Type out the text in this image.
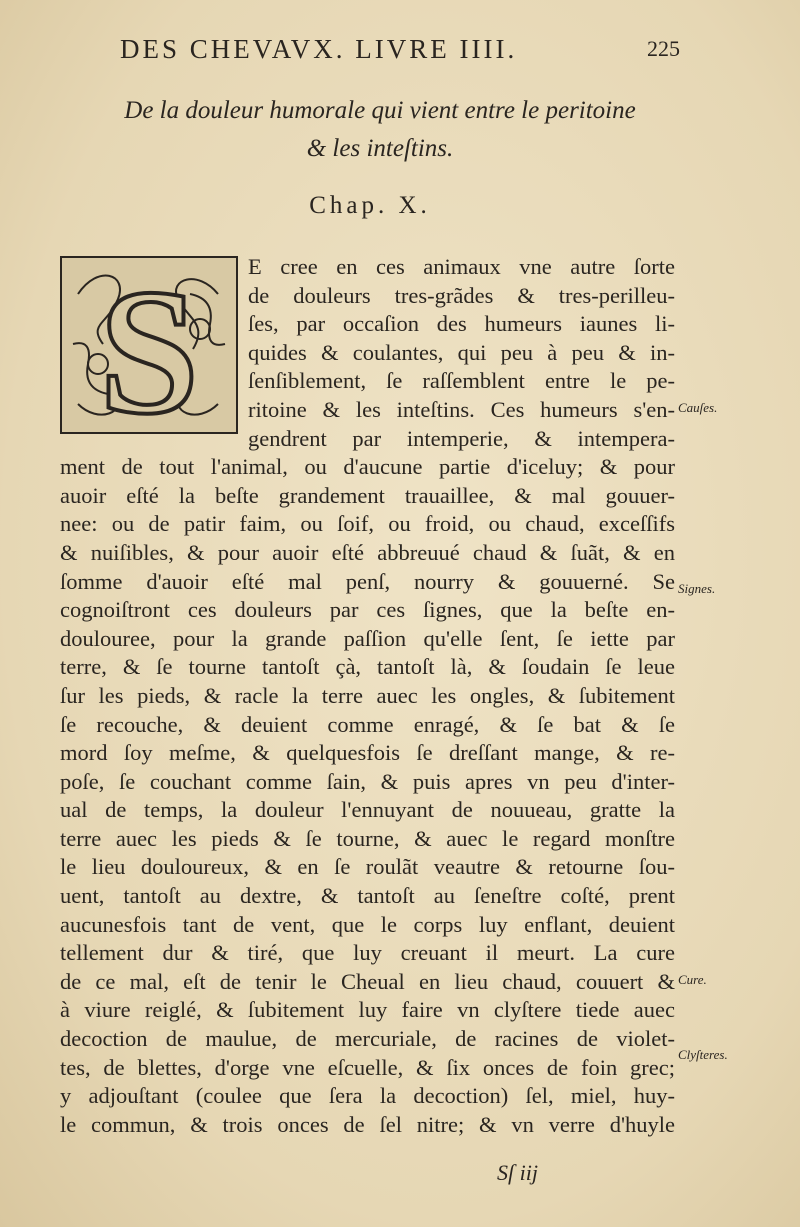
DES CHEVAVX. LIVRE IIII.	225
De la douleur humorale qui vient entre le peritoine
& les inteſtins.
Chap. X.
S	E cree en ces animaux vne autre ſorte
de douleurs tres-grãdes & tres-perilleu-
ſes, par occaſion des humeurs iaunes li-
quides & coulantes, qui peu à peu & in-
ſenſiblement, ſe raſſemblent entre le pe-
ritoine & les inteſtins. Ces humeurs s'en-
gendrent par intemperie, & intempera-
ment de tout l'animal, ou d'aucune partie d'iceluy; & pour
auoir eſté la beſte grandement trauaillee, & mal gouuer-
nee: ou de patir faim, ou ſoif, ou froid, ou chaud, exceſſifs
& nuiſibles, & pour auoir eſté abbreuué chaud & ſuãt, & en
ſomme d'auoir eſté mal penſ, nourry & gouuerné. Se
cognoiſtront ces douleurs par ces ſignes, que la beſte en-
doulouree, pour la grande paſſion qu'elle ſent, ſe iette par
terre, & ſe tourne tantoſt çà, tantoſt là, & ſoudain ſe leue
ſur les pieds, & racle la terre auec les ongles, & ſubitement
ſe recouche, & deuient comme enragé, & ſe bat & ſe
mord ſoy meſme, & quelquesfois ſe dreſſant mange, & re-
poſe, ſe couchant comme ſain, & puis apres vn peu d'inter-
ual de temps, la douleur l'ennuyant de nouueau, gratte la
terre auec les pieds & ſe tourne, & auec le regard monſtre
le lieu douloureux, & en ſe roulãt veautre & retourne ſou-
uent, tantoſt au dextre, & tantoſt au ſeneſtre coſté, prent
aucunesfois tant de vent, que le corps luy enflant, deuient
tellement dur & tiré, que luy creuant il meurt. La cure
de ce mal, eſt de tenir le Cheual en lieu chaud, couuert &
à viure reiglé, & ſubitement luy faire vn clyſtere tiede auec
decoction de maulue, de mercuriale, de racines de violet-
tes, de blettes, d'orge vne eſcuelle, & ſix onces de foin grec;
y adjouſtant (coulee que ſera la decoction) ſel, miel, huy-
le commun, & trois onces de ſel nitre; & vn verre d'huyle
Cauſes.
Signes.
Cure.
Clyſteres.
Sſ iij
